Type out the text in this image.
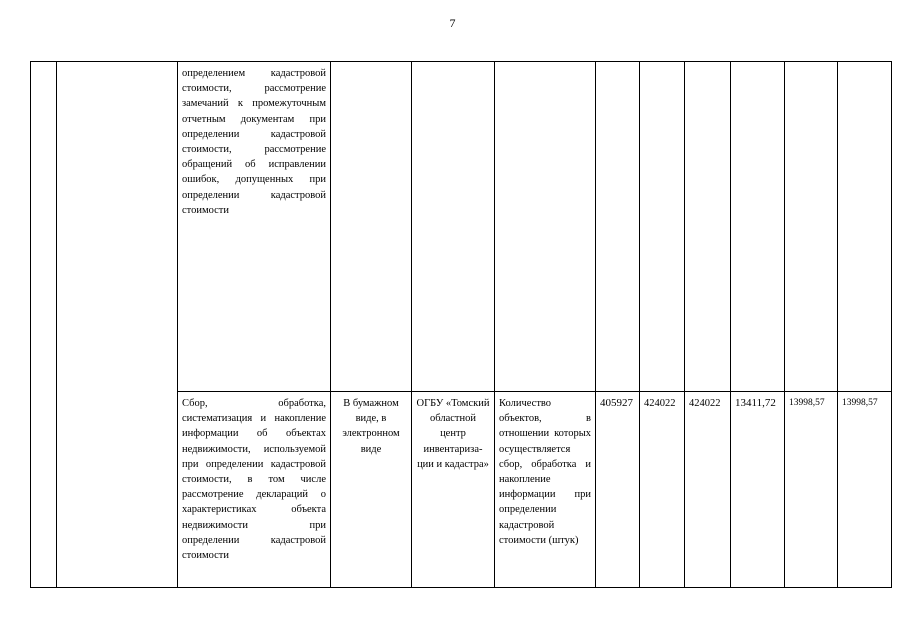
7
		определением кадастровой стоимости, рассмотрение замечаний к промежуточным отчетным документам при определении кадастровой стоимости, рассмотрение обращений об исправлении ошибок, допущенных при определении кадастровой стоимости									
		Сбор, обработка, систематизация и накопление информации об объектах недвижимости, используемой при определении кадастровой стоимости, в том числе рассмотрение деклараций о характеристиках объекта недвижимости при определении кадастровой стоимости	В бумажном виде, в электронном виде	ОГБУ «Томский областной центр инвентариза-ции и кадастра»	Количество объектов, в отношении которых осуществляется сбор, обработка и накопление информации при определении кадастровой стоимости (штук)	405927	424022	424022	13411,72	13998,57	13998,57
